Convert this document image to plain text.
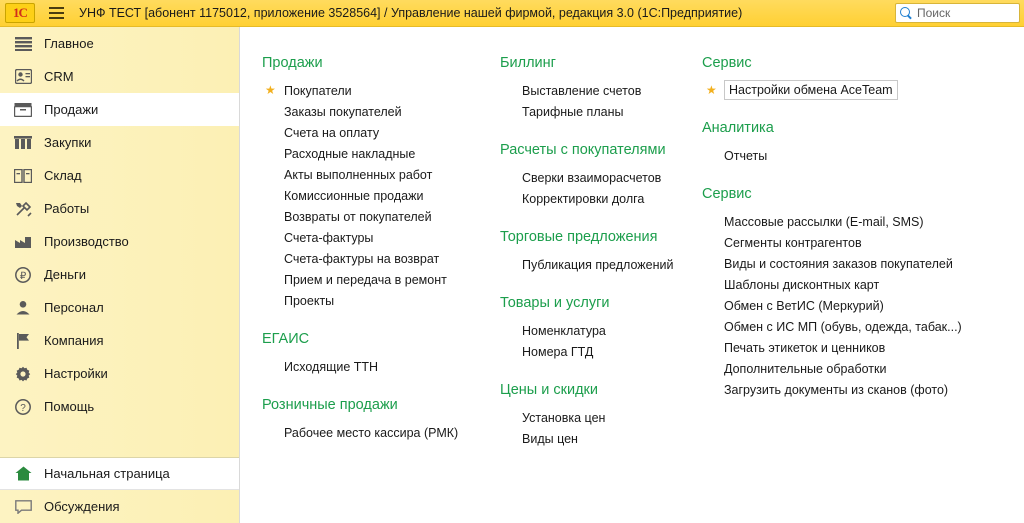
1C	УНФ ТЕСТ [абонент 1175012, приложение 3528564] / Управление нашей фирмой, редакция 3.0 (1С:Предприятие)	Поиск
Главное
CRM
Продажи
Закупки
Склад
Работы
Производство
₽ Деньги
Персонал
Компания
Настройки
? Помощь
Начальная страница
Обсуждения
Продажи
★ Покупатели
Заказы покупателей
Счета на оплату
Расходные накладные
Акты выполненных работ
Комиссионные продажи
Возвраты от покупателей
Счета-фактуры
Счета-фактуры на возврат
Прием и передача в ремонт
Проекты
ЕГАИС
Исходящие ТТН
Розничные продажи
Рабочее место кассира (РМК)
Биллинг
Выставление счетов
Тарифные планы
Расчеты с покупателями
Сверки взаиморасчетов
Корректировки долга
Торговые предложения
Публикация предложений
Товары и услуги
Номенклатура
Номера ГТД
Цены и скидки
Установка цен
Виды цен
Сервис
★ Настройки обмена AceTeam
Аналитика
Отчеты
Сервис
Массовые рассылки (E-mail, SMS)
Сегменты контрагентов
Виды и состояния заказов покупателей
Шаблоны дисконтных карт
Обмен с ВетИС (Меркурий)
Обмен с ИС МП (обувь, одежда, табак...)
Печать этикеток и ценников
Дополнительные обработки
Загрузить документы из сканов (фото)
